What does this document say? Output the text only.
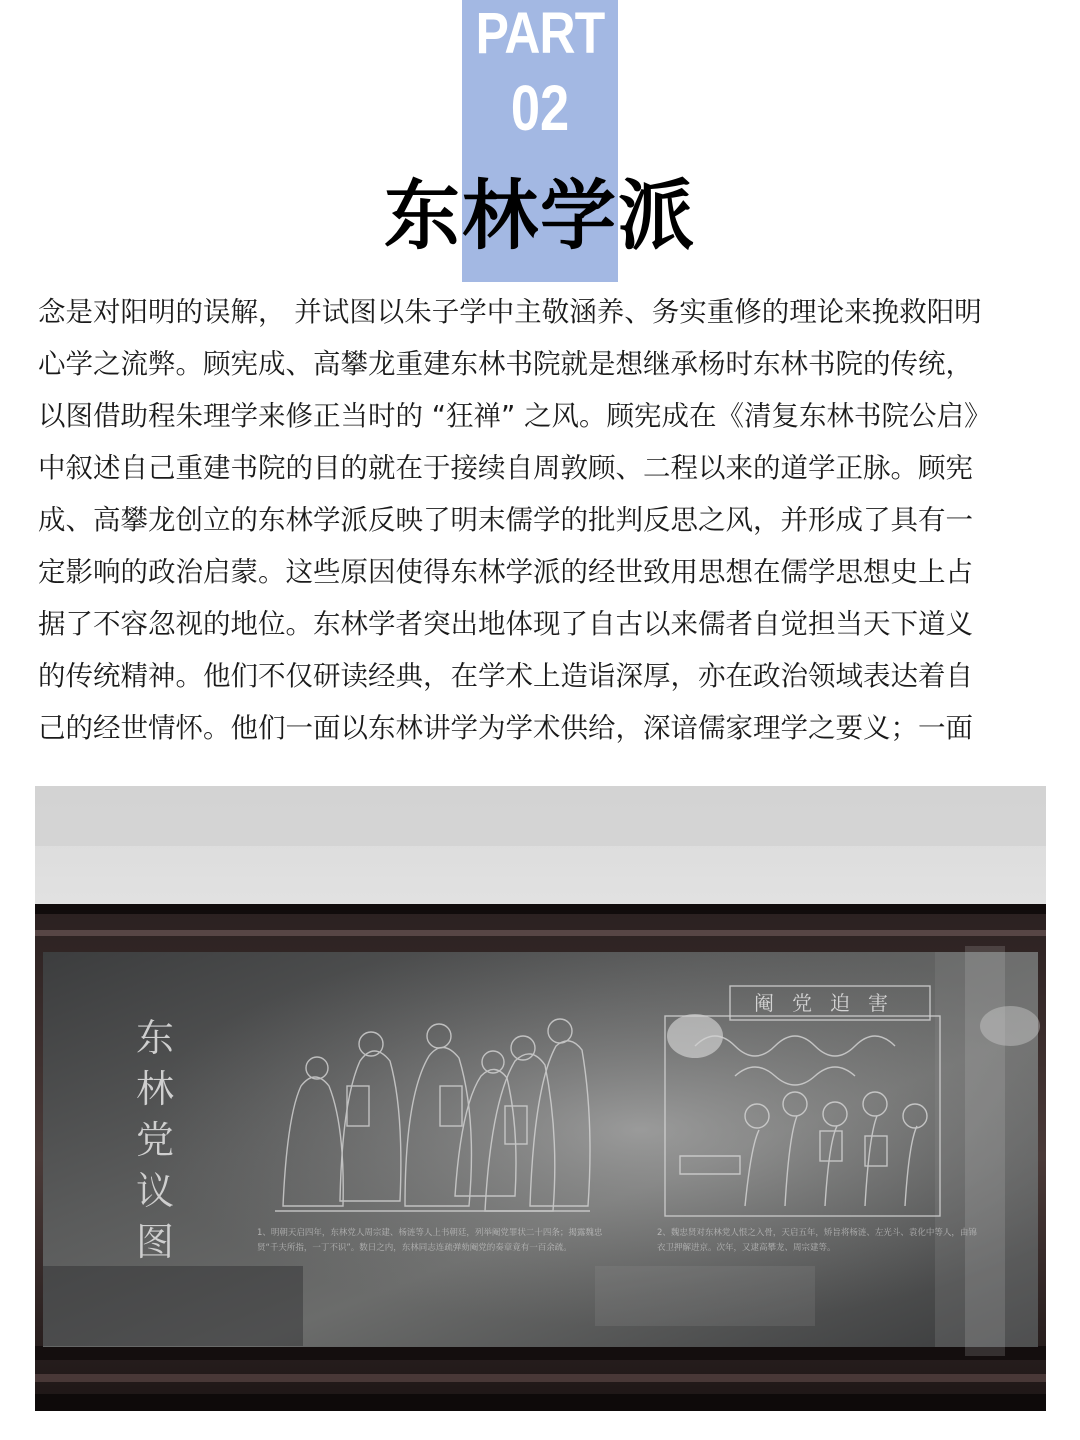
PART
02
东林学派
念是对阳明的误解， 并试图以朱子学中主敬涵养、务实重修的理论来挽救阳明
心学之流弊。顾宪成、高攀龙重建东林书院就是想继承杨时东林书院的传统，
以图借助程朱理学来修正当时的 “狂禅” 之风。顾宪成在《清复东林书院公启》
中叙述自己重建书院的目的就在于接续自周敦顾、二程以来的道学正脉。顾宪
成、高攀龙创立的东林学派反映了明末儒学的批判反思之风，并形成了具有一
定影响的政治启蒙。这些原因使得东林学派的经世致用思想在儒学思想史上占
据了不容忽视的地位。东林学者突出地体现了自古以来儒者自觉担当天下道义
的传统精神。他们不仅研读经典，在学术上造诣深厚，亦在政治领域表达着自
己的经世情怀。他们一面以东林讲学为学术供给，深谙儒家理学之要义；一面
东
林
党
议
图
阉党迫害
1、明朝天启四年，东林党人周宗建、杨涟等人上书朝廷，列举阉党罪状二十四条；揭露魏忠贤“千夫所指，一丁不识”。数日之内，东林同志连疏弹劾阉党的奏章竟有一百余疏。
2、魏忠贤对东林党人恨之入骨，天启五年，矫旨将杨涟、左光斗、袁化中等人，由锦衣卫押解进京。次年，又逮高攀龙、周宗建等。
